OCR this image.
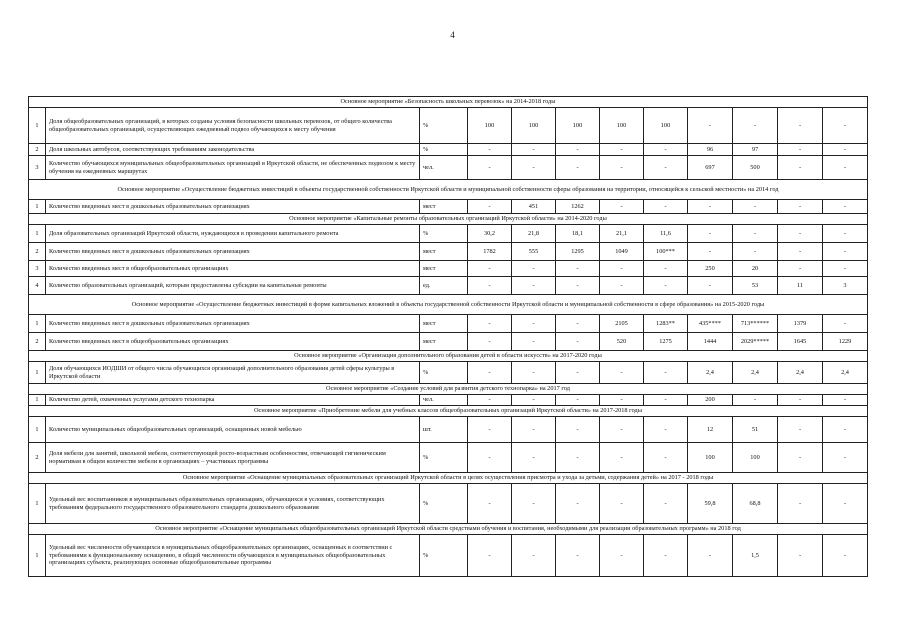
4
Основное мероприятие «Безопасность школьных перевозок» на 2014-2018 годы											
1	Доля общеобразовательных организаций, в которых созданы условия безопасности школьных перевозок, от общего количества общеобразовательных организаций, осуществляющих ежедневный подвоз обучающихся к месту обучения	%	100	100	100	100	100	-	-	-	-
2	Доля школьных автобусов, соответствующих требованиям законодательства	%	-	-	-	-	-	96	97	-	-
3	Количество обучающихся муниципальных общеобразовательных организаций в Иркутской области, не обеспеченных подвозом к месту обучения на ежедневных маршрутах	чел.	-	-	-	-	-	697	500	-	-
Основное мероприятие «Осуществление бюджетных инвестиций в объекты государственной собственности Иркутской области и муниципальной собственности сферы образования на территории, относящейся к сельской местности» на 2014 год											
1	Количество введенных мест в дошкольных образовательных организациях	мест	-	451	1262	-	-	-	-	-	-
Основное мероприятие «Капитальные ремонты образовательных организаций Иркутской области» на 2014-2020 годы											
1	Доля образовательных организаций Иркутской области, нуждающихся в проведении капитального ремонта	%	30,2	21,8	18,1	21,1	11,6	-	-	-	-
2	Количество введенных мест в дошкольных образовательных организациях	мест	1782	555	1295	1049	100***	-	-	-	-
3	Количество введенных мест в общеобразовательных организациях	мест	-	-	-	-	-	250	20	-	-
4	Количество образовательных организаций, которым предоставлены субсидии на капитальные ремонты	ед.	-	-	-	-	-	-	53	11	3
Основное мероприятие «Осуществление бюджетных инвестиций в форме капитальных вложений в объекты государственной собственности Иркутской области и муниципальной собственности в сфере образования» на 2015-2020 годы											
1	Количество введенных мест в дошкольных образовательных организациях	мест	-	-	-	2105	1283**	435****	713******	1379	-
2	Количество введенных мест в общеобразовательных организациях	мест	-	-	-	520	1275	1444	2029*****	1645	1229
Основное мероприятие «Организация дополнительного образования детей в области искусств» на 2017-2020 годы											
1	Доля обучающихся ИОДШИ от общего числа обучающихся организаций дополнительного образования детей сферы культуры в Иркутской области	%	-	-	-	-	-	2,4	2,4	2,4	2,4
Основное мероприятие «Создание условий для развития детского технопарка» на 2017 год											
1	Количество детей, охваченных услугами детского технопарка	чел.	-	-	-	-	-	200	-	-	-
Основное мероприятие «Приобретение мебели для учебных классов общеобразовательных организаций Иркутской области» на 2017-2018 годы											
1	Количество муниципальных общеобразовательных организаций, оснащенных новой мебелью	шт.	-	-	-	-	-	12	51	-	-
2	Доля мебели для занятий, школьной мебели, соответствующей росто-возрастным особенностям, отвечающей гигиеническим нормативам в общем количестве мебели в организациях – участниках программы	%	-	-	-	-	-	100	100	-	-
Основное мероприятие «Оснащение муниципальных образовательных организаций Иркутской области в целях осуществления присмотра и ухода за детьми, содержания детей» на 2017 - 2018 годы											
1	Удельный вес воспитанников в муниципальных образовательных организациях, обучающихся в условиях, соответствующих требованиям федерального государственного образовательного стандарта дошкольного образования	%	-	-	-	-	-	59,8	68,8	-	-
Основное мероприятие «Оснащение муниципальных общеобразовательных организаций Иркутской области средствами обучения и воспитания, необходимыми для реализации образовательных программ» на 2018 год											
1	Удельный вес численности обучающихся в муниципальных общеобразовательных организациях, оснащенных в соответствии с требованиями к функциональному оснащению, в общей численности обучающихся в муниципальных общеобразовательных организациях субъекта, реализующих основные общеобразовательные программы	%	-	-	-	-	-	-	1,5	-	-
